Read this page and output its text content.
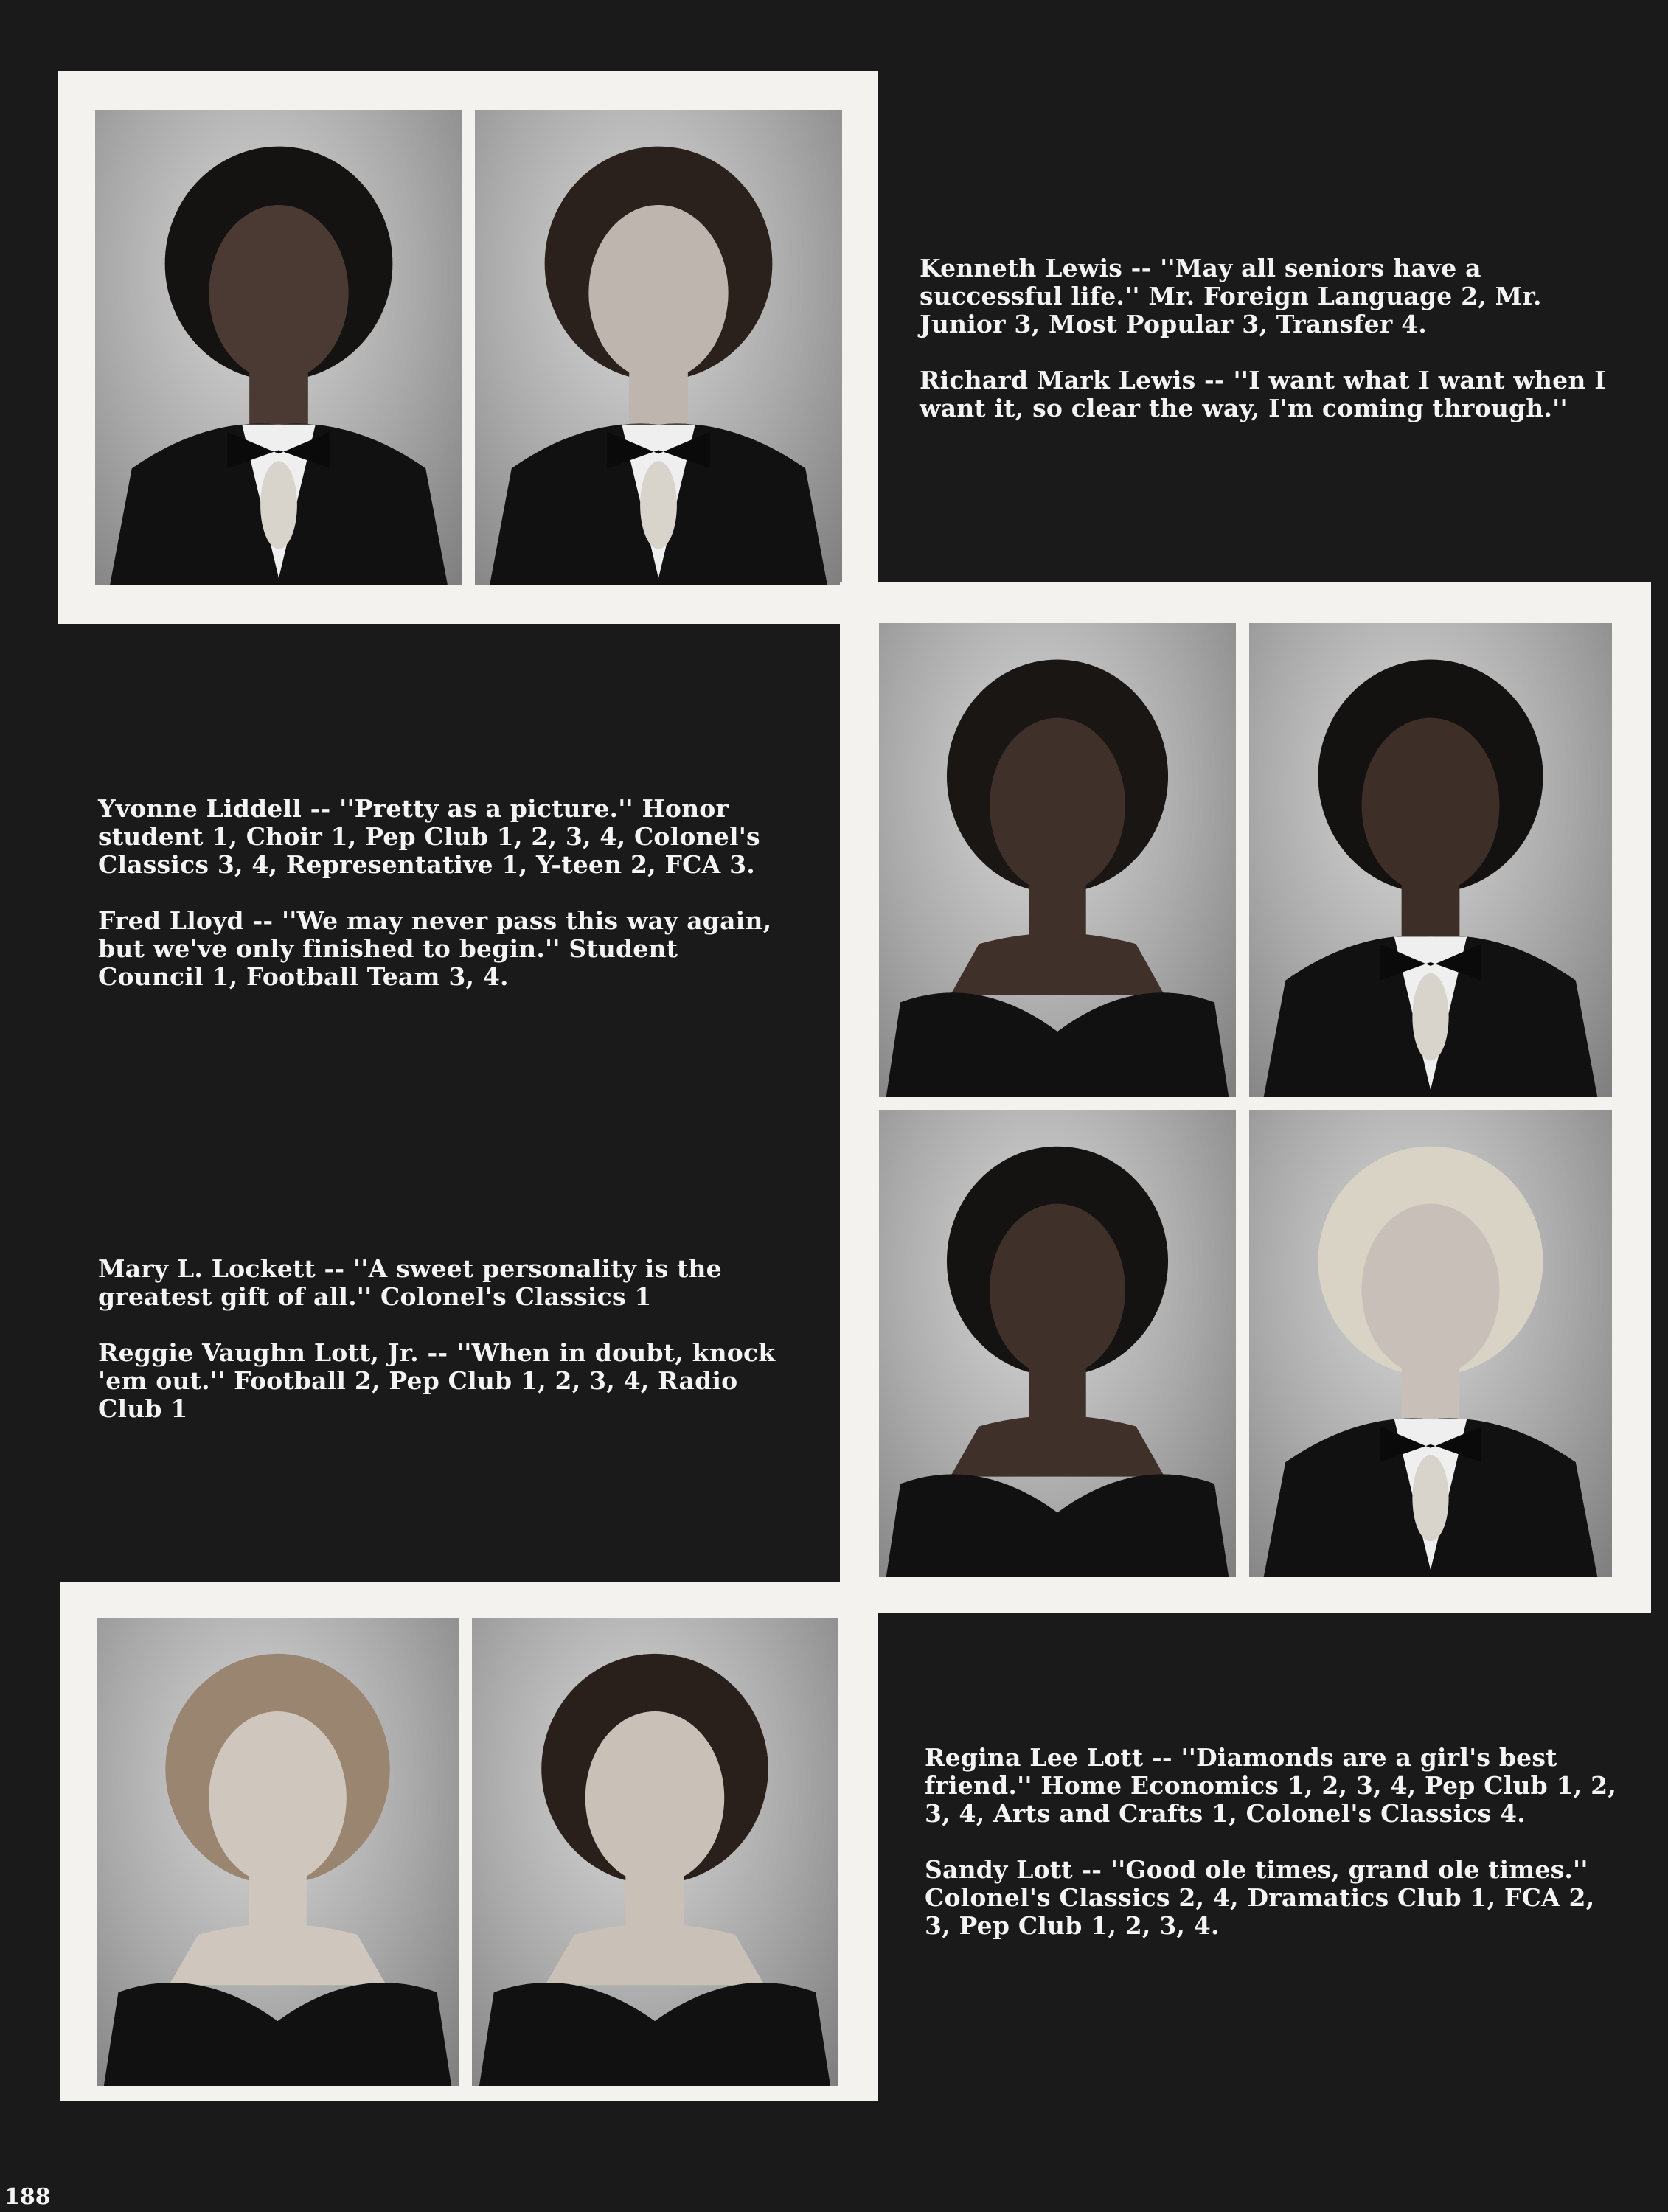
Kenneth Lewis -- ''May all seniors have a successful life.'' Mr. Foreign Language 2, Mr. Junior 3, Most Popular 3, Transfer 4.

Richard Mark Lewis -- ''I want what I want when I want it, so clear the way, I'm coming through.''

Yvonne Liddell -- ''Pretty as a picture.'' Honor student 1, Choir 1, Pep Club 1, 2, 3, 4, Colonel's Classics 3, 4, Representative 1, Y-teen 2, FCA 3.

Fred Lloyd -- ''We may never pass this way again, but we've only finished to begin.'' Student Council 1, Football Team 3, 4.

Mary L. Lockett -- ''A sweet personality is the greatest gift of all.'' Colonel's Classics 1

Reggie Vaughn Lott, Jr. -- ''When in doubt, knock 'em out.'' Football 2, Pep Club 1, 2, 3, 4, Radio Club 1

Regina Lee Lott -- ''Diamonds are a girl's best friend.'' Home Economics 1, 2, 3, 4, Pep Club 1, 2, 3, 4, Arts and Crafts 1, Colonel's Classics 4.

Sandy Lott -- ''Good ole times, grand ole times.'' Colonel's Classics 2, 4, Dramatics Club 1, FCA 2, 3, Pep Club 1, 2, 3, 4.

188
